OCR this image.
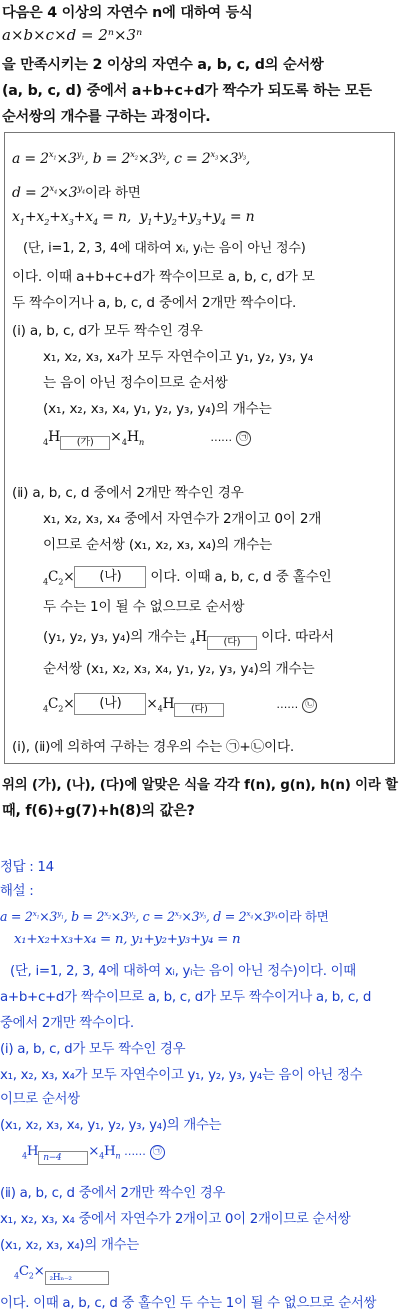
다음은 4 이상의 자연수 n에 대하여 등식
a×b×c×d = 2ⁿ×3ⁿ
을 만족시키는 2 이상의 자연수 a, b, c, d의 순서쌍
(a, b, c, d) 중에서 a+b+c+d가 짝수가 되도록 하는 모든
순서쌍의 개수를 구하는 과정이다.
$a = 2^{x_1}\times 3^{y_1}$, $b = 2^{x_2}\times 3^{y_2}$, $c = 2^{x_3}\times 3^{y_3}$,
$d = 2^{x_4}\times 3^{y_4}$이라 하면
$x_1+x_2+x_3+x_4 = n$,  $y_1+y_2+y_3+y_4 = n$
(단, i=1, 2, 3, 4에 대하여 xᵢ, yᵢ는 음이 아닌 정수)
이다. 이때 a+b+c+d가 짝수이므로 a, b, c, d가 모
두 짝수이거나 a, b, c, d 중에서 2개만 짝수이다.
(ⅰ) a, b, c, d가 모두 짝수인 경우
x₁, x₂, x₃, x₄가 모두 자연수이고 y₁, y₂, y₃, y₄
는 음이 아닌 정수이므로 순서쌍
(x₁, x₂, x₃, x₄, y₁, y₂, y₃, y₄)의 개수는
$_4$H (가) $\times_4H_n$	…… ㉠
(ⅱ) a, b, c, d 중에서 2개만 짝수인 경우
x₁, x₂, x₃, x₄ 중에서 자연수가 2개이고 0이 2개
이므로 순서쌍 (x₁, x₂, x₃, x₄)의 개수는
$_4C_2\times$ (나) 이다. 이때 a, b, c, d 중 홀수인
두 수는 1이 될 수 없으므로 순서쌍
(y₁, y₂, y₃, y₄)의 개수는 $_4$H (다) 이다. 따라서
순서쌍 (x₁, x₂, x₃, x₄, y₁, y₂, y₃, y₄)의 개수는
$_4C_2\times$ (나) $\times_4H$ (다)	…… ㉡
(ⅰ), (ⅱ)에 의하여 구하는 경우의 수는 ㉠+㉡이다.
위의 (가), (나), (다)에 알맞은 식을 각각 f(n), g(n), h(n) 이라 할
때, f(6)+g(7)+h(8)의 값은?
정답 : 14
해설 :
$a = 2^{x_1}\times 3^{y_1}$, $b = 2^{x_2}\times 3^{y_2}$, $c = 2^{x_3}\times 3^{y_3}$, $d = 2^{x_4}\times 3^{y_4}$이라 하면
x₁+x₂+x₃+x₄ = n, y₁+y₂+y₃+y₄ = n
(단, i=1, 2, 3, 4에 대하여 xᵢ, yᵢ는 음이 아닌 정수)이다. 이때
a+b+c+d가 짝수이므로 a, b, c, d가 모두 짝수이거나 a, b, c, d
중에서 2개만 짝수이다.
(ⅰ) a, b, c, d가 모두 짝수인 경우
x₁, x₂, x₃, x₄가 모두 자연수이고 y₁, y₂, y₃, y₄는 음이 아닌 정수
이므로 순서쌍
(x₁, x₂, x₃, x₄, y₁, y₂, y₃, y₄)의 개수는
$_4$H $n-4 \times_4H_n$ …… ㉠
(ⅱ) a, b, c, d 중에서 2개만 짝수인 경우
x₁, x₂, x₃, x₄ 중에서 자연수가 2개이고 0이 2개이므로 순서쌍
(x₁, x₂, x₃, x₄)의 개수는
$_4C_2\times _2H_{n-2}$
이다. 이때 a, b, c, d 중 홀수인 두 수는 1이 될 수 없으므로 순서쌍
